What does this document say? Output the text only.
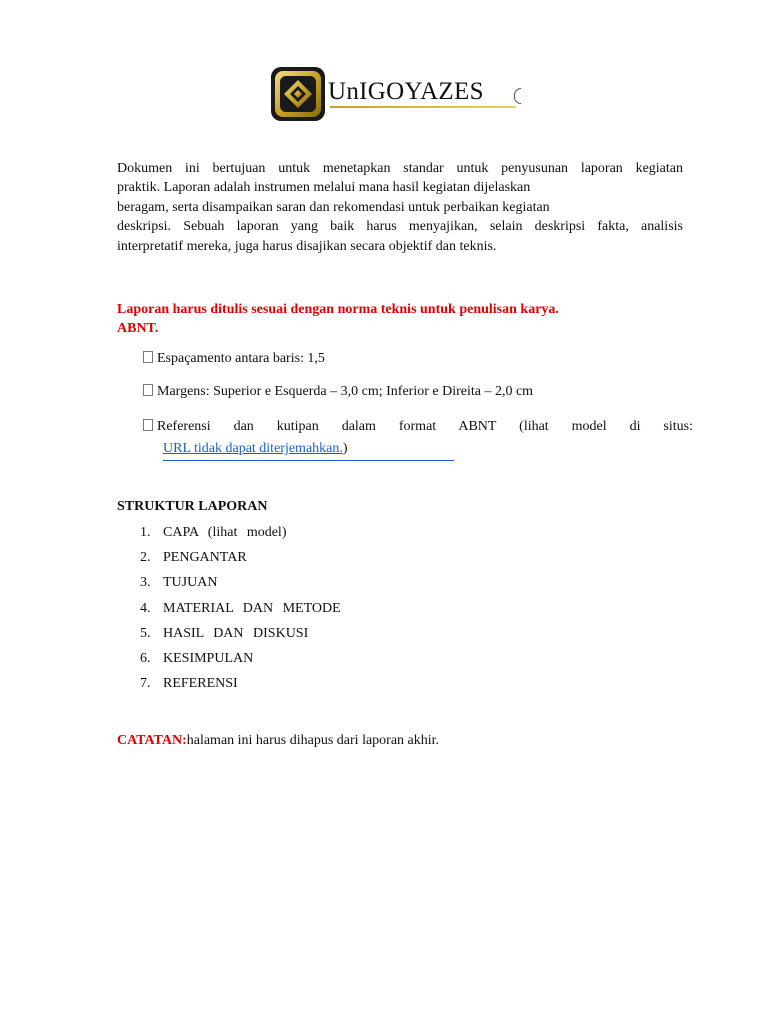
UnIGOYAZES
Dokumen ini bertujuan untuk menetapkan standar untuk penyusunan laporan kegiatan
praktik. Laporan adalah instrumen melalui mana hasil kegiatan dijelaskan
beragam, serta disampaikan saran dan rekomendasi untuk perbaikan kegiatan
deskripsi. Sebuah laporan yang baik harus menyajikan, selain deskripsi fakta, analisis
interpretatif mereka, juga harus disajikan secara objektif dan teknis.
Laporan harus ditulis sesuai dengan norma teknis untuk penulisan karya.
ABNT.
Espaçamento antara baris: 1,5
Margens: Superior e Esquerda – 3,0 cm; Inferior e Direita – 2,0 cm
Referensi dan kutipan dalam format ABNT (lihat model di situs:
URL tidak dapat diterjemahkan.)
STRUKTUR LAPORAN
1. CAPA (lihat model)
2. PENGANTAR
3. TUJUAN
4. MATERIAL DAN METODE
5. HASIL DAN DISKUSI
6. KESIMPULAN
7. REFERENSI
CATATAN:halaman ini harus dihapus dari laporan akhir.
